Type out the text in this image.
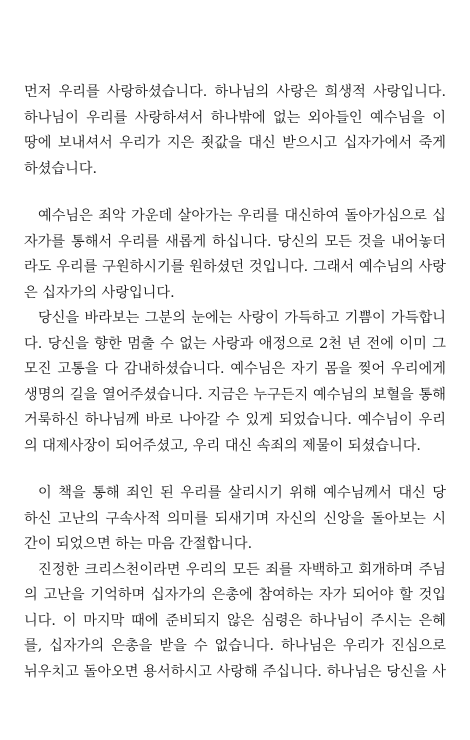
먼저 우리를 사랑하셨습니다. 하나님의 사랑은 희생적 사랑입니다.
하나님이 우리를 사랑하셔서 하나밖에 없는 외아들인 예수님을 이
땅에 보내셔서 우리가 지은 죗값을 대신 받으시고 십자가에서 죽게
하셨습니다.
예수님은 죄악 가운데 살아가는 우리를 대신하여 돌아가심으로 십
자가를 통해서 우리를 새롭게 하십니다. 당신의 모든 것을 내어놓더
라도 우리를 구원하시기를 원하셨던 것입니다. 그래서 예수님의 사랑
은 십자가의 사랑입니다.
당신을 바라보는 그분의 눈에는 사랑이 가득하고 기쁨이 가득합니
다. 당신을 향한 멈출 수 없는 사랑과 애정으로 2천 년 전에 이미 그
모진 고통을 다 감내하셨습니다. 예수님은 자기 몸을 찢어 우리에게
생명의 길을 열어주셨습니다. 지금은 누구든지 예수님의 보혈을 통해
거룩하신 하나님께 바로 나아갈 수 있게 되었습니다. 예수님이 우리
의 대제사장이 되어주셨고, 우리 대신 속죄의 제물이 되셨습니다.
이 책을 통해 죄인 된 우리를 살리시기 위해 예수님께서 대신 당
하신 고난의 구속사적 의미를 되새기며 자신의 신앙을 돌아보는 시
간이 되었으면 하는 마음 간절합니다.
진정한 크리스천이라면 우리의 모든 죄를 자백하고 회개하며 주님
의 고난을 기억하며 십자가의 은총에 참여하는 자가 되어야 할 것입
니다. 이 마지막 때에 준비되지 않은 심령은 하나님이 주시는 은혜
를, 십자가의 은총을 받을 수 없습니다. 하나님은 우리가 진심으로
뉘우치고 돌아오면 용서하시고 사랑해 주십니다. 하나님은 당신을 사
